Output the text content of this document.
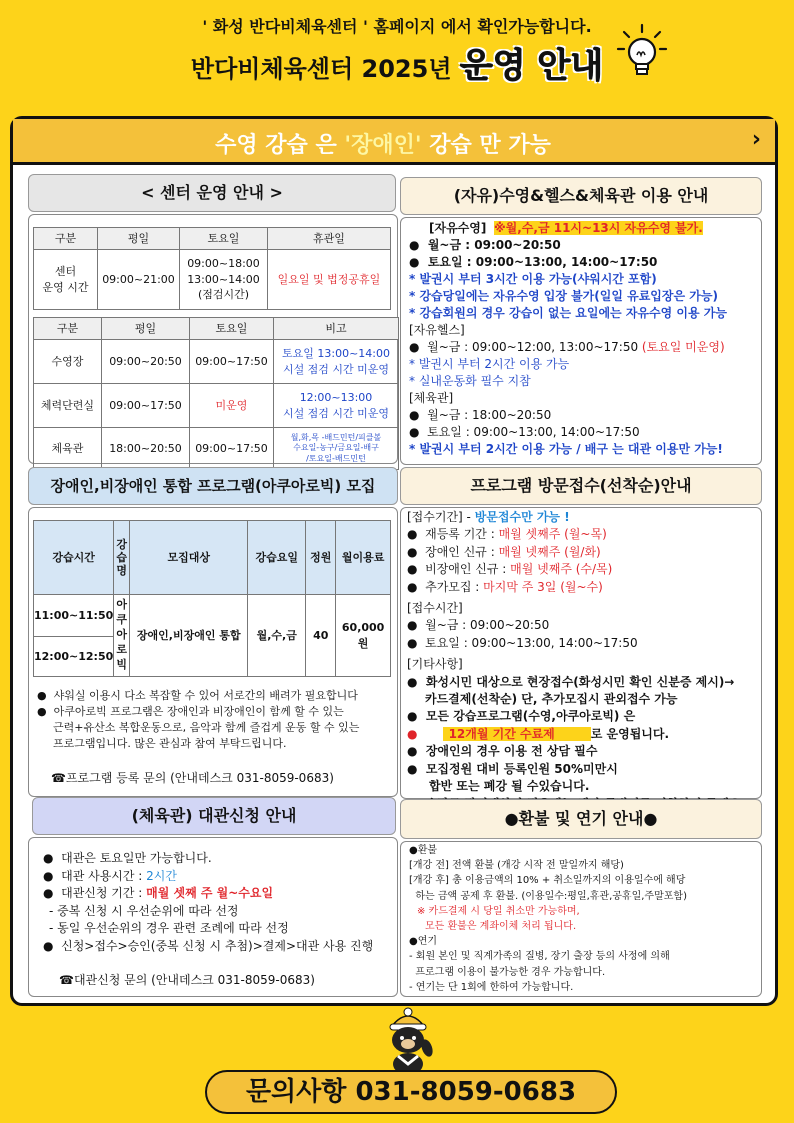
' 화성 반다비체육센터 ' 홈페이지 에서 확인가능합니다.
반다비체육센터 2025년 운영 안내
수영 강습 은 '장애인' 강습 만 가능	›
< 센터 운영 안내 >
구분	평일	토요일	휴관일
센터
운영 시간	09:00~21:00	09:00~18:00
13:00~14:00
(점검시간)	일요일 및 법정공휴일
구분	평일	토요일	비고
수영장	09:00~20:50	09:00~17:50	토요일 13:00~14:00
시설 점검 시간 미운영

체력단련실	09:00~17:50	미운영	12:00~13:00
시설 점검 시간 미운영

체육관	18:00~20:50	09:00~17:50	월,화,목 -배드민턴/피클볼
수요일-농구/금요일-배구
/토요일-배드민턴
(자유)수영&헬스&체육관 이용 안내
[자유수영] ※월,수,금 11시~13시 자유수영 불가.
●  월~금 : 09:00~20:50
●  토요일 : 09:00~13:00, 14:00~17:50
* 발권시 부터 3시간 이용 가능(샤워시간 포함)
* 강습당일에는 자유수영 입장 불가(일일 유료입장은 가능)
* 강습회원의 경우 강습이 없는 요일에는 자유수영 이용 가능
[자유헬스]
●  월~금 : 09:00~12:00, 13:00~17:50 (토요일 미운영)
* 발권시 부터 2시간 이용 가능
* 실내운동화 필수 지참
[체육관]
●  월~금 : 18:00~20:50
●  토요일 : 09:00~13:00, 14:00~17:50
* 발권시 부터 2시간 이용 가능 / 배구 는 대관 이용만 가능!
장애인,비장애인 통합 프로그램(아쿠아로빅) 모집
강습시간	강
습
명	모집대상	강습요일	정원	월이용료
11:00~11:50	아
쿠
아
로
빅	장애인,비장애인 통합	월,수,금	40	60,000
원
12:00~12:50					
●  샤워실 이용시 다소 복잡할 수 있어 서로간의 배려가 필요합니다
●  아쿠아로빅 프로그램은 장애인과 비장애인이 함께 할 수 있는
근력+유산소 복합운동으로, 음악과 함께 즐겁게 운동 할 수 있는
프로그램입니다. 많은 관심과 참여 부탁드립니다.
☎프로그램 등록 문의 (안내데스크 031-8059-0683)
프로그램 방문접수(선착순)안내
[접수기간] - 방문접수만 가능 !
●  재등록 기간 : 매월 셋째주 (월~목)
●  장애인 신규 : 매월 넷째주 (월/화)
●  비장애인 신규 : 매월 넷째주 (수/목)
●  추가모집 : 마지막 주 3일 (월~수)
[접수시간]
●  월~금 : 09:00~20:50
●  토요일 : 09:00~13:00, 14:00~17:50
[기타사항]
●  화성시민 대상으로 현장접수(화성시민 확인 신분증 제시)→
카드결제(선착순) 단, 추가모집시 관외접수 가능
●  모든 강습프로그램(수영,아쿠아로빅) 은
●	12개월 기간 수료제	로 운영됩니다.
●  장애인의 경우 이용 전 상담 필수
●  모집정원 대비 등록인원 50%미만시
합반 또는 폐강 될 수있습니다.
(체육관) 대관신청 안내
●  대관은 토요일만 가능합니다.
●  대관 사용시간 : 2시간
●  대관신청 기간 : 매월 셋째 주 월~수요일
- 중복 신청 시 우선순위에 따라 선정
- 동일 우선순위의 경우 관련 조례에 따라 선정
●  신청>접수>승인(중복 신청 시 추첨)>결제>대관 사용 진행
☎대관신청 문의 (안내데스크 031-8059-0683)
●환불 및 연기 안내●
●환불
[개강 전] 전액 환불 (개강 시작 전 말일까지 해당)
[개강 후] 총 이용금액의 10% + 취소일까지의 이용일수에 해당
하는 금액 공제 후 환불. (이용일수:평일,휴관,공휴일,주말포함)
※ 카드결제 시 당일 취소만 가능하며,
모든 환불은 계좌이체 처리 됩니다.
●연기
- 회원 본인 및 직계가족의 질병, 장기 출장 등의 사정에 의해
프로그램 이용이 불가능한 경우 가능합니다.
- 연기는 단 1회에 한하여 가능합니다.
문의사항 031-8059-0683
